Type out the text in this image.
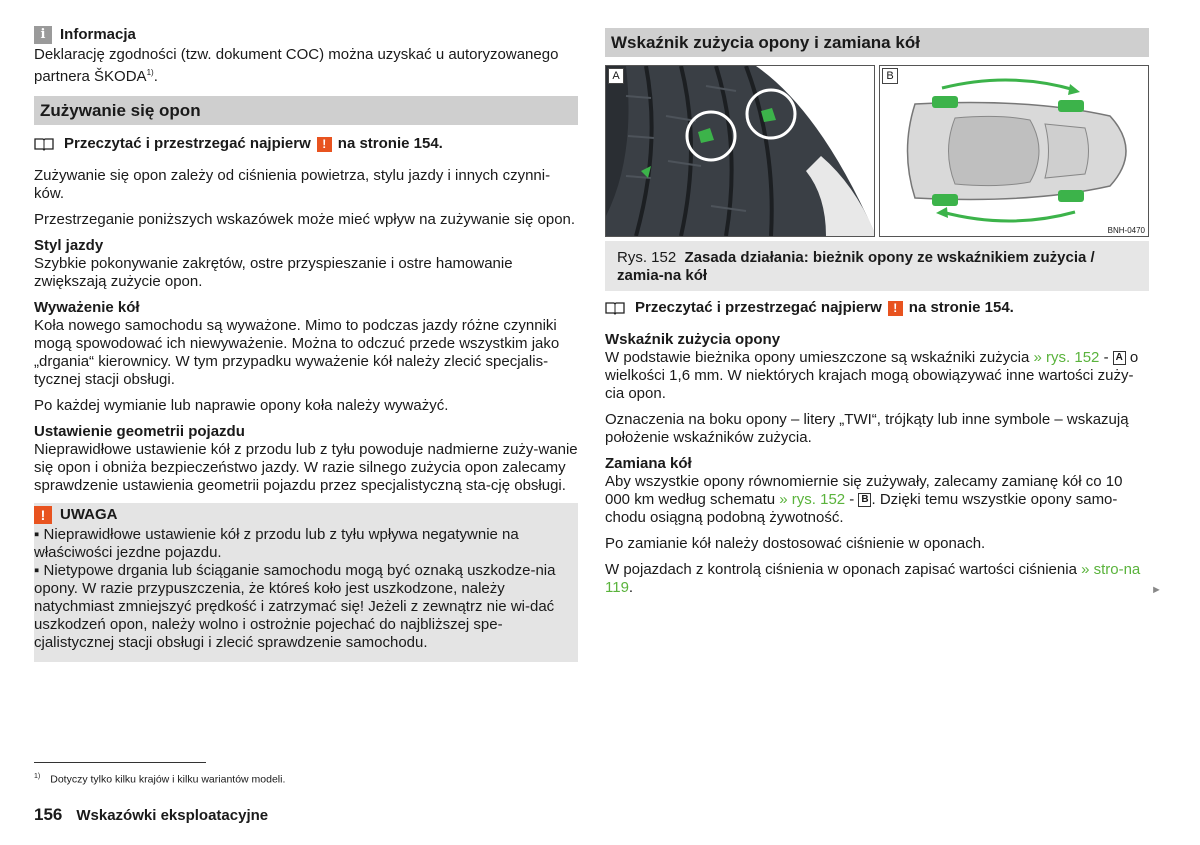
i Informacja

Deklarację zgodności (tzw. dokument COC) można uzyskać u autoryzowanego partnera ŠKODA$^{1)}$.

Zużywanie się opon
Przeczytać i przestrzegać najpierw ! na stronie 154.

Zużywanie się opon zależy od ciśnienia powietrza, stylu jazdy i innych czynni-ków.

Przestrzeganie poniższych wskazówek może mieć wpływ na zużywanie się opon.

Styl jazdy

Szybkie pokonywanie zakrętów, ostre przyspieszanie i ostre hamowanie zwiększają zużycie opon.

Wyważenie kół

Koła nowego samochodu są wyważone. Mimo to podczas jazdy różne czynniki mogą spowodować ich niewyważenie. Można to odczuć przede wszystkim jako „drgania“ kierownicy. W tym przypadku wyważenie kół należy zlecić specjalis-tycznej stacji obsługi.

Po każdej wymianie lub naprawie opony koła należy wyważyć.

Ustawienie geometrii pojazdu

Nieprawidłowe ustawienie kół z przodu lub z tyłu powoduje nadmierne zuży-wanie się opon i obniża bezpieczeństwo jazdy. W razie silnego zużycia opon zalecamy sprawdzenie ustawienia geometrii pojazdu przez specjalistyczną sta-cję obsługi.

! UWAGA

▪ Nieprawidłowe ustawienie kół z przodu lub z tyłu wpływa negatywnie na właściwości jezdne pojazdu.

▪ Nietypowe drgania lub ściąganie samochodu mogą być oznaką uszkodze-nia opony. W razie przypuszczenia, że któreś koło jest uszkodzone, należy natychmiast zmniejszyć prędkość i zatrzymać się! Jeżeli z zewnątrz nie wi-dać uszkodzeń opon, należy wolno i ostrożnie pojechać do najbliższej spe-cjalistycznej stacji obsługi i zlecić sprawdzenie samochodu.

Wskaźnik zużycia opony i zamiana kół
A	B
BNH-0470
Rys. 152 Zasada działania: bieżnik opony ze wskaźnikiem zużycia / zamia-na kół
Przeczytać i przestrzegać najpierw ! na stronie 154.

Wskaźnik zużycia opony

W podstawie bieżnika opony umieszczone są wskaźniki zużycia » rys. 152 - A o wielkości 1,6 mm. W niektórych krajach mogą obowiązywać inne wartości zuży-cia opon.

Oznaczenia na boku opony – litery „TWI“, trójkąty lub inne symbole – wskazują położenie wskaźników zużycia.

Zamiana kół

Aby wszystkie opony równomiernie się zużywały, zalecamy zamianę kół co 10 000 km według schematu » rys. 152 - B . Dzięki temu wszystkie opony samo-chodu osiągną podobną żywotność.

Po zamianie kół należy dostosować ciśnienie w oponach.

W pojazdach z kontrolą ciśnienia w oponach zapisać wartości ciśnienia » stro-na 119.	►
$^{1)}$ Dotyczy tylko kilku krajów i kilku wariantów modeli.
156 Wskazówki eksploatacyjne
